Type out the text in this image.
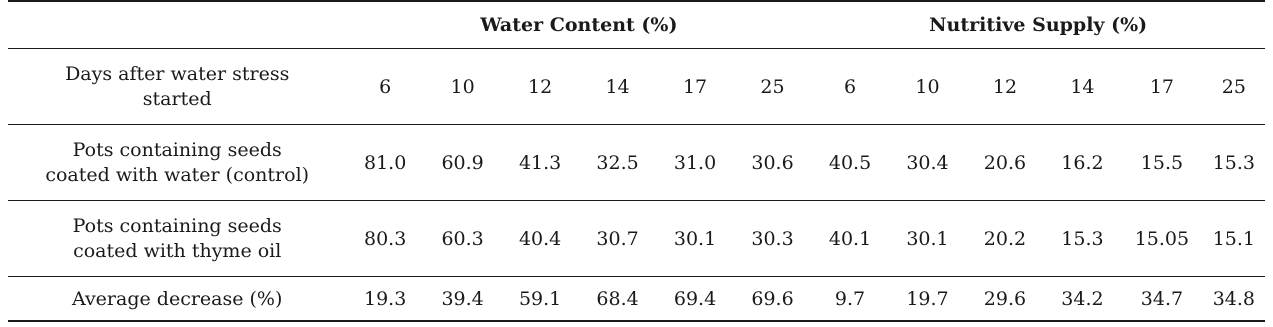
	Water Content (%)						Nutritive Supply (%)					
Days after water stress
started	6	10	12	14	17	25	6	10	12	14	17	25
Pots containing seeds
coated with water (control)	81.0	60.9	41.3	32.5	31.0	30.6	40.5	30.4	20.6	16.2	15.5	15.3
Pots containing seeds
coated with thyme oil	80.3	60.3	40.4	30.7	30.1	30.3	40.1	30.1	20.2	15.3	15.05	15.1
Average decrease (%)	19.3	39.4	59.1	68.4	69.4	69.6	9.7	19.7	29.6	34.2	34.7	34.8
